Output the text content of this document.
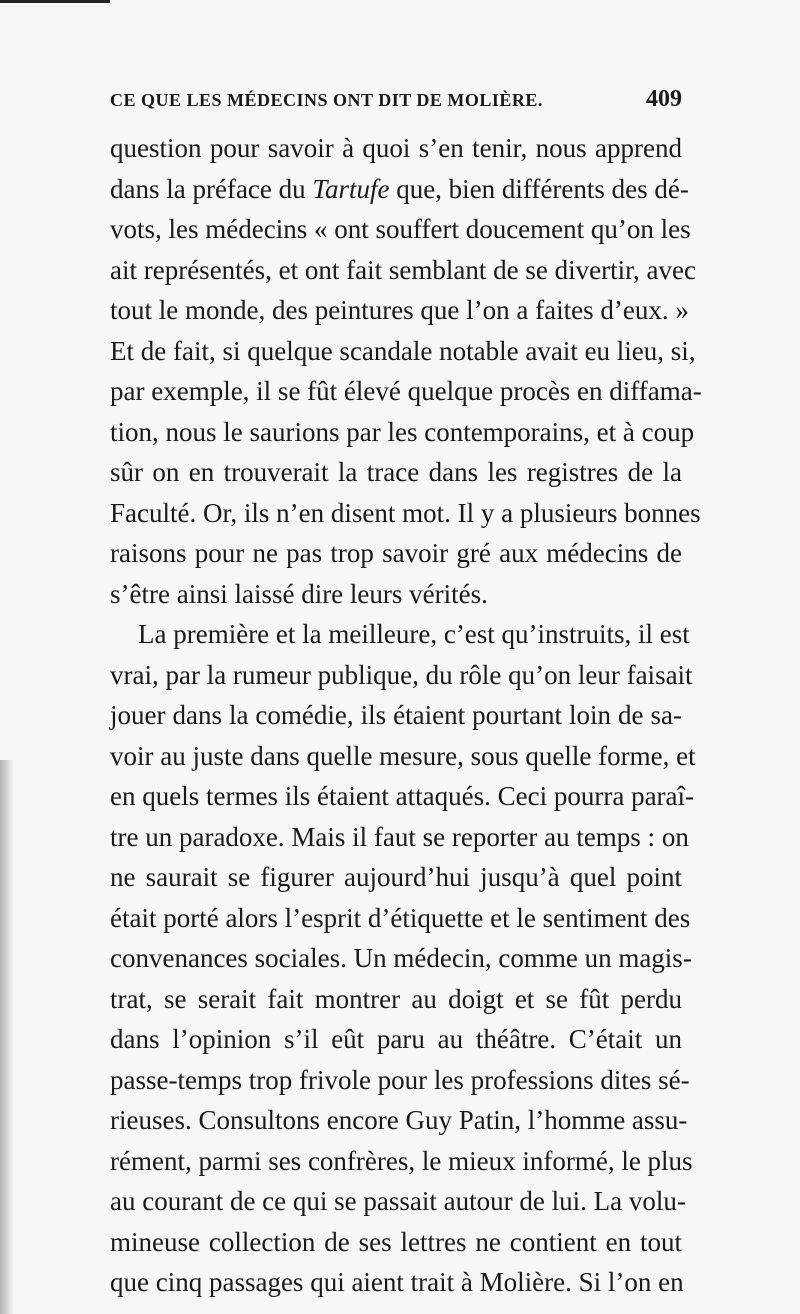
CE QUE LES MÉDECINS ONT DIT DE MOLIÈRE.	409
question pour savoir à quoi s’en tenir, nous apprend
dans la préface du Tartufe que, bien différents des dé-
vots, les médecins « ont souffert doucement qu’on les
ait représentés, et ont fait semblant de se divertir, avec
tout le monde, des peintures que l’on a faites d’eux. »
Et de fait, si quelque scandale notable avait eu lieu, si,
par exemple, il se fût élevé quelque procès en diffama-
tion, nous le saurions par les contemporains, et à coup
sûr on en trouverait la trace dans les registres de la
Faculté. Or, ils n’en disent mot. Il y a plusieurs bonnes
raisons pour ne pas trop savoir gré aux médecins de
s’être ainsi laissé dire leurs vérités.
La première et la meilleure, c’est qu’instruits, il est
vrai, par la rumeur publique, du rôle qu’on leur faisait
jouer dans la comédie, ils étaient pourtant loin de sa-
voir au juste dans quelle mesure, sous quelle forme, et
en quels termes ils étaient attaqués. Ceci pourra paraî-
tre un paradoxe. Mais il faut se reporter au temps : on
ne saurait se figurer aujourd’hui jusqu’à quel point
était porté alors l’esprit d’étiquette et le sentiment des
convenances sociales. Un médecin, comme un magis-
trat, se serait fait montrer au doigt et se fût perdu
dans l’opinion s’il eût paru au théâtre. C’était un
passe-temps trop frivole pour les professions dites sé-
rieuses. Consultons encore Guy Patin, l’homme assu-
rément, parmi ses confrères, le mieux informé, le plus
au courant de ce qui se passait autour de lui. La volu-
mineuse collection de ses lettres ne contient en tout
que cinq passages qui aient trait à Molière. Si l’on en
